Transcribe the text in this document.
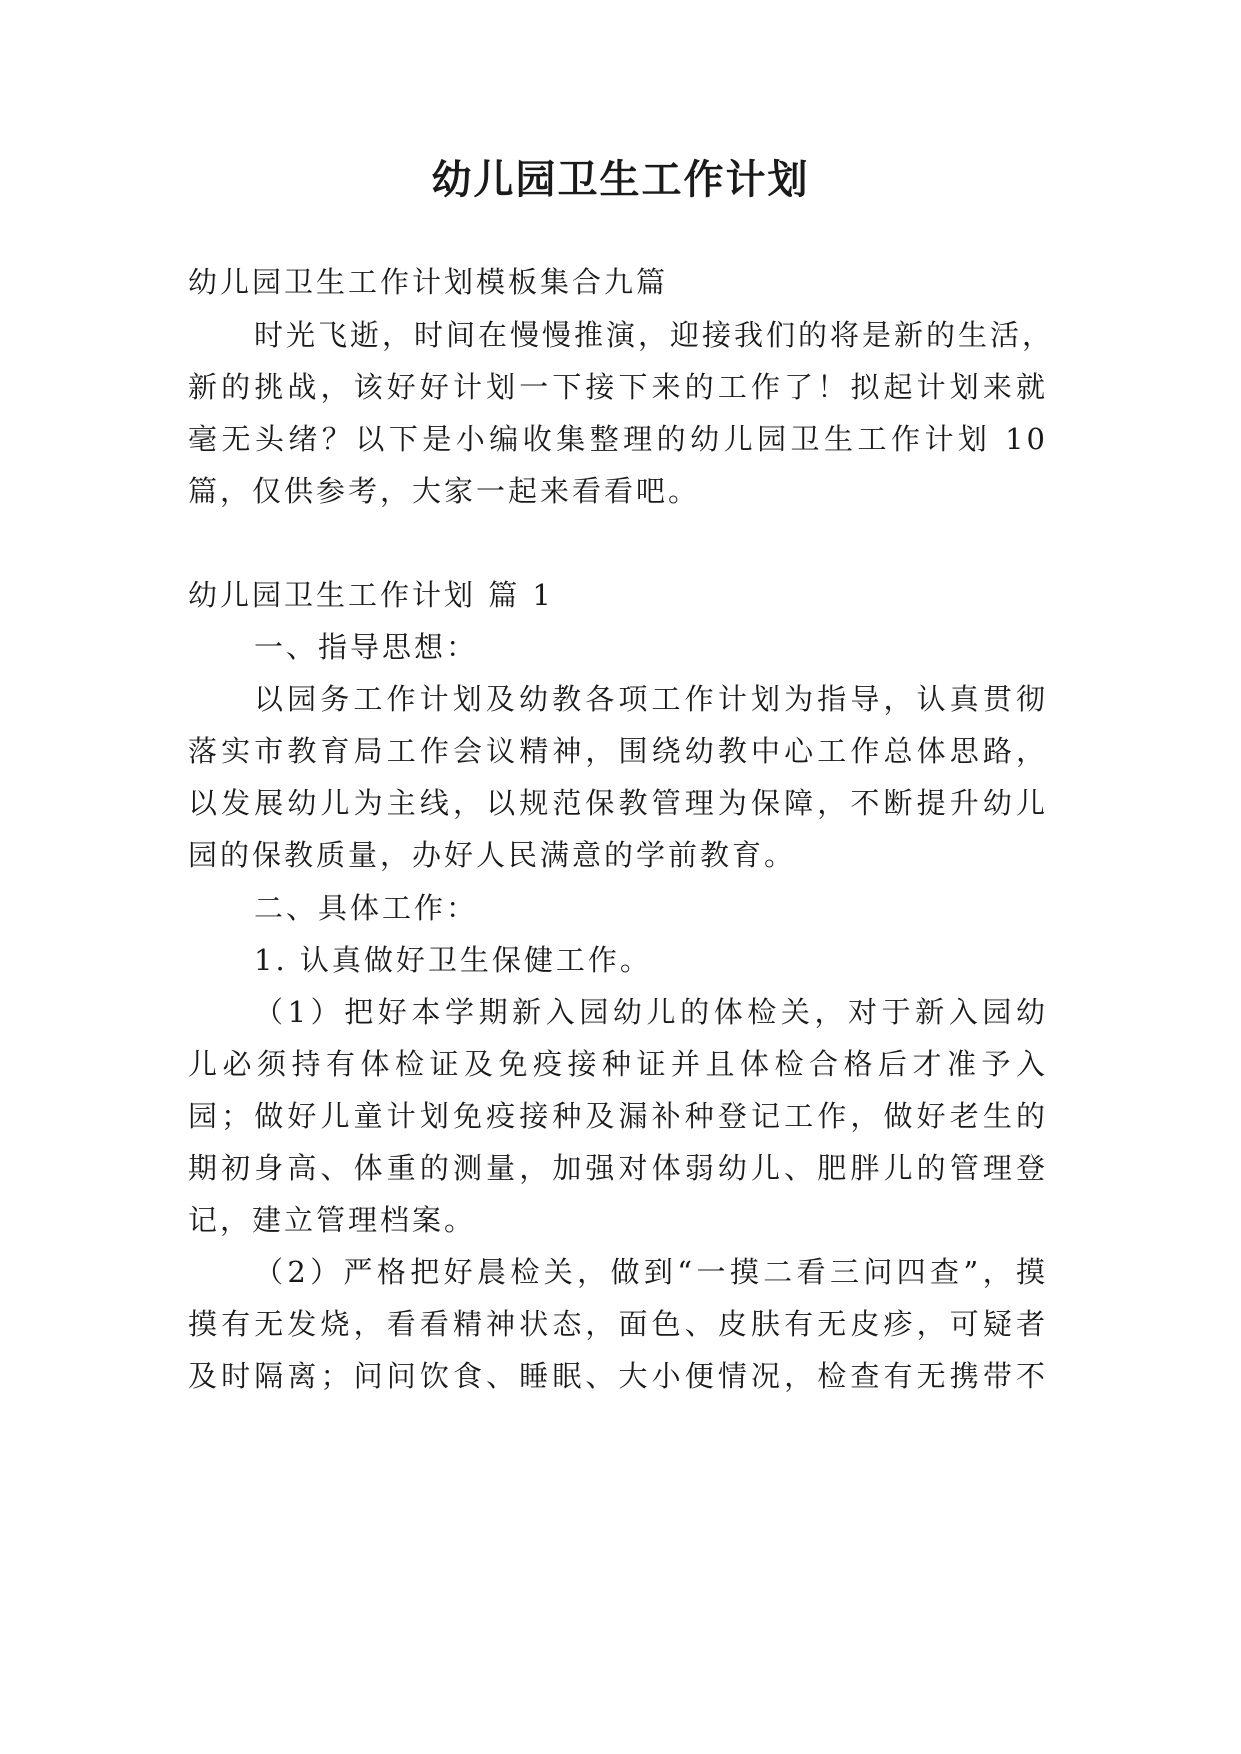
幼儿园卫生工作计划
幼儿园卫生工作计划模板集合九篇
时光飞逝，时间在慢慢推演，迎接我们的将是新的生活，
新的挑战，该好好计划一下接下来的工作了！拟起计划来就
毫无头绪？以下是小编收集整理的幼儿园卫生工作计划 10
篇，仅供参考，大家一起来看看吧。
幼儿园卫生工作计划 篇 1
一、指导思想：
以园务工作计划及幼教各项工作计划为指导，认真贯彻
落实市教育局工作会议精神，围绕幼教中心工作总体思路，
以发展幼儿为主线，以规范保教管理为保障，不断提升幼儿
园的保教质量，办好人民满意的学前教育。
二、具体工作：
1. 认真做好卫生保健工作。
（1）把好本学期新入园幼儿的体检关，对于新入园幼
儿必须持有体检证及免疫接种证并且体检合格后才准予入
园；做好儿童计划免疫接种及漏补种登记工作，做好老生的
期初身高、体重的测量，加强对体弱幼儿、肥胖儿的管理登
记，建立管理档案。
（2）严格把好晨检关，做到“一摸二看三问四查”，摸
摸有无发烧，看看精神状态，面色、皮肤有无皮疹，可疑者
及时隔离；问问饮食、睡眠、大小便情况，检查有无携带不
